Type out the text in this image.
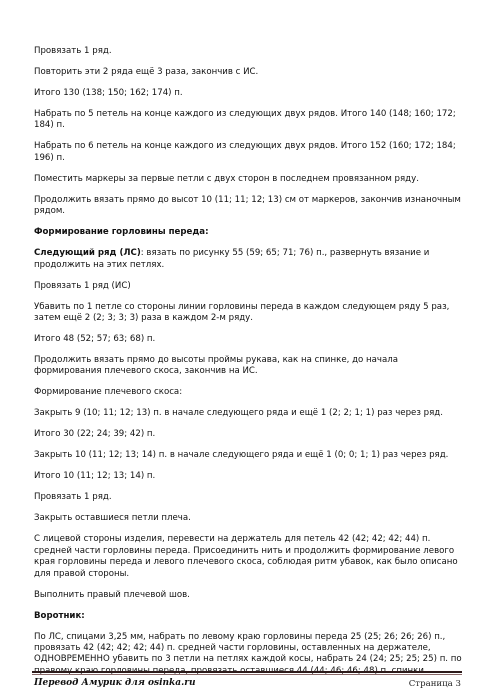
Провязать 1 ряд.
Повторить эти 2 ряда ещё 3 раза, закончив с ИС.
Итого 130 (138; 150; 162; 174) п.
Набрать по 5 петель на конце каждого из следующих двух рядов. Итого 140 (148; 160; 172; 184) п.
Набрать по 6 петель на конце каждого из следующих двух рядов. Итого 152 (160; 172; 184; 196) п.
Поместить маркеры за первые петли с двух сторон в последнем провязанном ряду.
Продолжить вязать прямо до высот 10 (11; 11; 12; 13) см от маркеров, закончив изнаночным рядом.
Формирование горловины переда:
Следующий ряд (ЛС): вязать по рисунку 55 (59; 65; 71; 76) п., развернуть вязание и продолжить на этих петлях.
Провязать 1 ряд (ИС)
Убавить по 1 петле со стороны линии горловины переда в каждом следующем ряду 5 раз, затем ещё 2 (2; 3; 3; 3) раза в каждом 2-м ряду.
Итого 48 (52; 57; 63; 68) п.
Продолжить вязать прямо до высоты проймы рукава, как на спинке, до начала формирования плечевого скоса, закончив на ИС.
Формирование плечевого скоса:
Закрыть 9 (10; 11; 12; 13) п. в начале следующего ряда и ещё 1 (2; 2; 1; 1) раз через ряд.
Итого 30 (22; 24; 39; 42) п.
Закрыть 10 (11; 12; 13; 14) п. в начале следующего ряда и ещё 1 (0; 0; 1; 1) раз через ряд.
Итого 10 (11; 12; 13; 14) п.
Провязать 1 ряд.
Закрыть оставшиеся петли плеча.
С лицевой стороны изделия, перевести на держатель для петель 42 (42; 42; 42; 44) п. средней части горловины переда. Присоединить нить и продолжить формирование левого края горловины переда и левого плечевого скоса, соблюдая ритм убавок, как было описано для правой стороны.
Выполнить правый плечевой шов.
Воротник:
По ЛС, спицами 3,25 мм, набрать по левому краю горловины переда 25 (25; 26; 26; 26) п., провязать 42 (42; 42; 42; 44) п. средней части горловины, оставленных на держателе, ОДНОВРЕМЕННО убавить по 3 петли на петлях каждой косы, набрать 24 (24; 25; 25; 25) п. по
Перевод Амурик для osinka.ru	Страница 3
